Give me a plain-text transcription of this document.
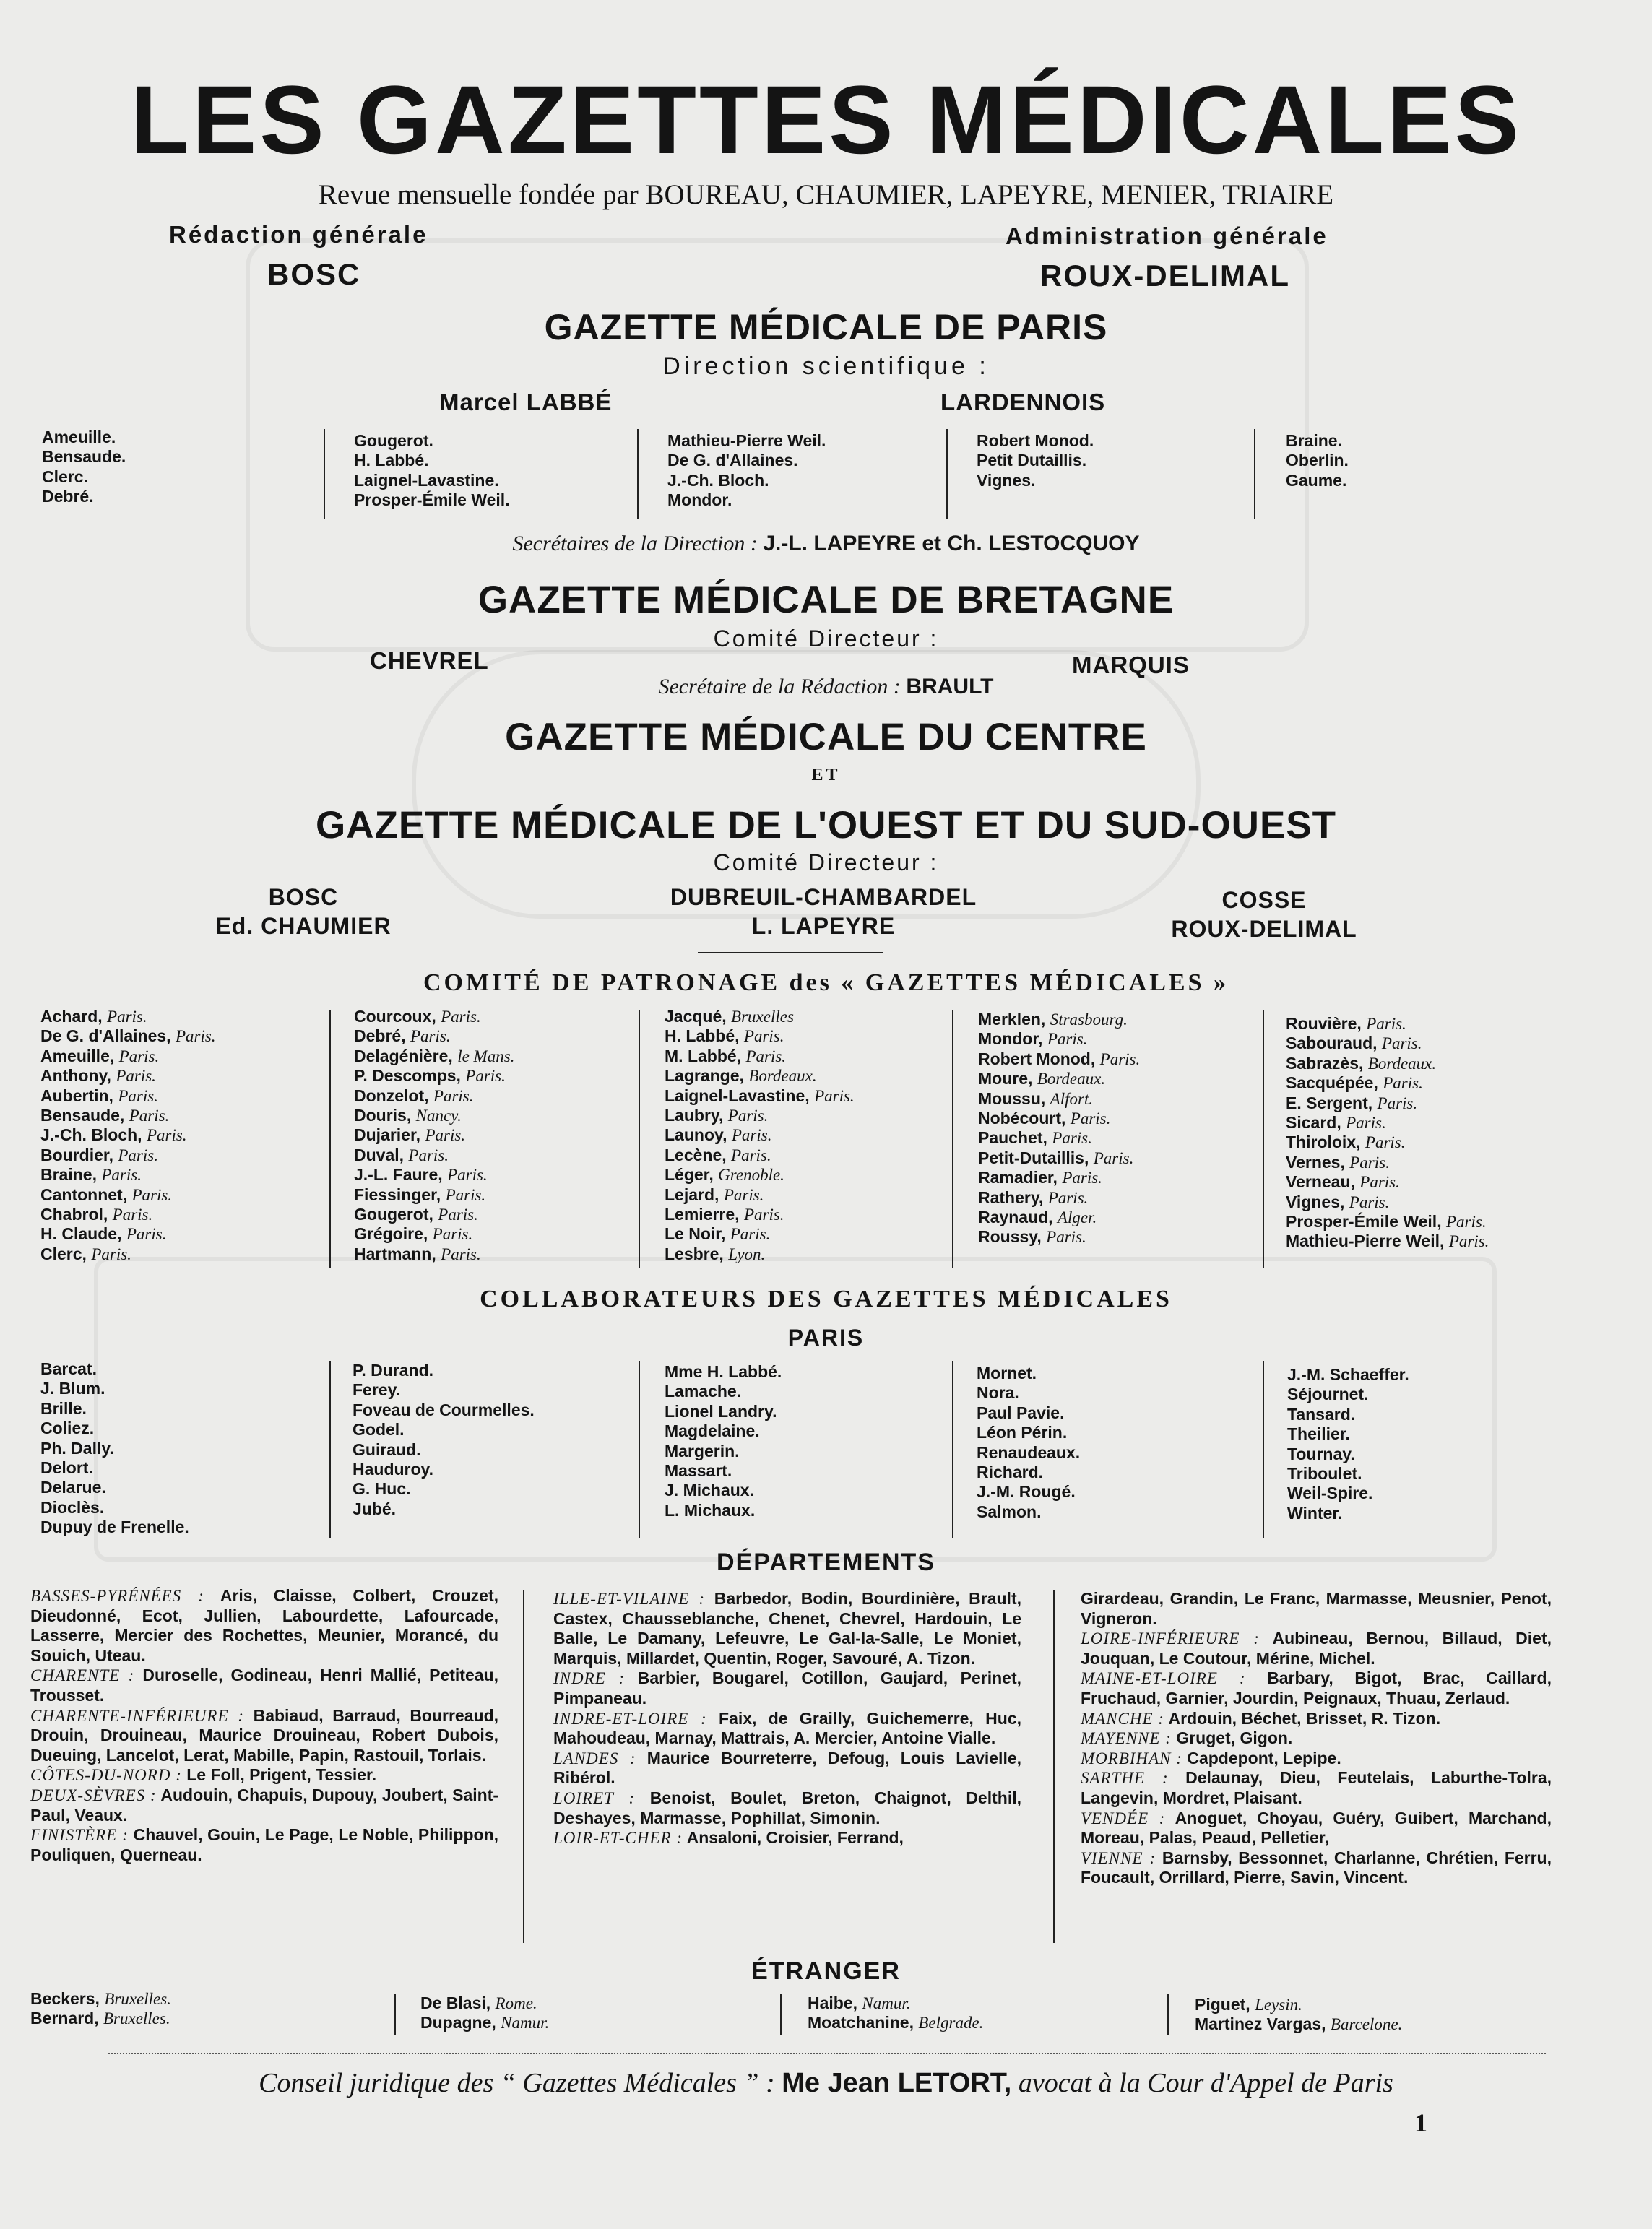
LES GAZETTES MÉDICALES
Revue mensuelle fondée par BOUREAU, CHAUMIER, LAPEYRE, MENIER, TRIAIRE
Rédaction générale
BOSC
Administration générale
ROUX-DELIMAL
GAZETTE MÉDICALE DE PARIS
Direction scientifique :
Marcel LABBÉ	LARDENNOIS
Ameuille.
Bensaude.
Clerc.
Debré.
Gougerot.
H. Labbé.
Laignel-Lavastine.
Prosper-Émile Weil.
Mathieu-Pierre Weil.
De G. d'Allaines.
J.-Ch. Bloch.
Mondor.
Robert Monod.
Petit Dutaillis.
Vignes.
Braine.
Oberlin.
Gaume.
Secrétaires de la Direction : J.-L. LAPEYRE et Ch. LESTOCQUOY
GAZETTE MÉDICALE DE BRETAGNE
Comité Directeur :
CHEVREL	MARQUIS
Secrétaire de la Rédaction : BRAULT
GAZETTE MÉDICALE DU CENTRE
ET
GAZETTE MÉDICALE DE L'OUEST ET DU SUD-OUEST
Comité Directeur :
BOSC
Ed. CHAUMIER
DUBREUIL-CHAMBARDEL
L. LAPEYRE
COSSE
ROUX-DELIMAL
COMITÉ DE PATRONAGE des « GAZETTES MÉDICALES »
Achard, Paris.
De G. d'Allaines, Paris.
Ameuille, Paris.
Anthony, Paris.
Aubertin, Paris.
Bensaude, Paris.
J.-Ch. Bloch, Paris.
Bourdier, Paris.
Braine, Paris.
Cantonnet, Paris.
Chabrol, Paris.
H. Claude, Paris.
Clerc, Paris.
Courcoux, Paris.
Debré, Paris.
Delagénière, le Mans.
P. Descomps, Paris.
Donzelot, Paris.
Douris, Nancy.
Dujarier, Paris.
Duval, Paris.
J.-L. Faure, Paris.
Fiessinger, Paris.
Gougerot, Paris.
Grégoire, Paris.
Hartmann, Paris.
Jacqué, Bruxelles
H. Labbé, Paris.
M. Labbé, Paris.
Lagrange, Bordeaux.
Laignel-Lavastine, Paris.
Laubry, Paris.
Launoy, Paris.
Lecène, Paris.
Léger, Grenoble.
Lejard, Paris.
Lemierre, Paris.
Le Noir, Paris.
Lesbre, Lyon.
Merklen, Strasbourg.
Mondor, Paris.
Robert Monod, Paris.
Moure, Bordeaux.
Moussu, Alfort.
Nobécourt, Paris.
Pauchet, Paris.
Petit-Dutaillis, Paris.
Ramadier, Paris.
Rathery, Paris.
Raynaud, Alger.
Roussy, Paris.
Rouvière, Paris.
Sabouraud, Paris.
Sabrazès, Bordeaux.
Sacquépée, Paris.
E. Sergent, Paris.
Sicard, Paris.
Thiroloix, Paris.
Vernes, Paris.
Verneau, Paris.
Vignes, Paris.
Prosper-Émile Weil, Paris.
Mathieu-Pierre Weil, Paris.
COLLABORATEURS DES GAZETTES MÉDICALES
PARIS
Barcat.
J. Blum.
Brille.
Coliez.
Ph. Dally.
Delort.
Delarue.
Dioclès.
Dupuy de Frenelle.
P. Durand.
Ferey.
Foveau de Courmelles.
Godel.
Guiraud.
Hauduroy.
G. Huc.
Jubé.
Mme H. Labbé.
Lamache.
Lionel Landry.
Magdelaine.
Margerin.
Massart.
J. Michaux.
L. Michaux.
Mornet.
Nora.
Paul Pavie.
Léon Périn.
Renaudeaux.
Richard.
J.-M. Rougé.
Salmon.
J.-M. Schaeffer.
Séjournet.
Tansard.
Theilier.
Tournay.
Triboulet.
Weil-Spire.
Winter.
DÉPARTEMENTS

BASSES-PYRÉNÉES : Aris, Claisse, Colbert, Crouzet, Dieudonné, Ecot, Jullien, Labourdette, Lafourcade, Lasserre, Mercier des Rochettes, Meunier, Morancé, du Souich, Uteau.

CHARENTE : Duroselle, Godineau, Henri Mallié, Petiteau, Trousset.

CHARENTE-INFÉRIEURE : Babiaud, Barraud, Bourreaud, Drouin, Drouineau, Maurice Drouineau, Robert Dubois, Dueuing, Lancelot, Lerat, Mabille, Papin, Rastouil, Torlais.

CÔTES-DU-NORD : Le Foll, Prigent, Tessier.

DEUX-SÈVRES : Audouin, Chapuis, Dupouy, Joubert, Saint-Paul, Veaux.

FINISTÈRE : Chauvel, Gouin, Le Page, Le Noble, Philippon, Pouliquen, Querneau.

ILLE-ET-VILAINE : Barbedor, Bodin, Bourdinière, Brault, Castex, Chausseblanche, Chenet, Chevrel, Hardouin, Le Balle, Le Damany, Lefeuvre, Le Gal-la-Salle, Le Moniet, Marquis, Millardet, Quentin, Roger, Savouré, A. Tizon.

INDRE : Barbier, Bougarel, Cotillon, Gaujard, Perinet, Pimpaneau.

INDRE-ET-LOIRE : Faix, de Grailly, Guichemerre, Huc, Mahoudeau, Marnay, Mattrais, A. Mercier, Antoine Vialle.

LANDES : Maurice Bourreterre, Defoug, Louis Lavielle, Ribérol.

LOIRET : Benoist, Boulet, Breton, Chaignot, Delthil, Deshayes, Marmasse, Pophillat, Simonin.

LOIR-ET-CHER : Ansaloni, Croisier, Ferrand,

Girardeau, Grandin, Le Franc, Marmasse, Meusnier, Penot, Vigneron.

LOIRE-INFÉRIEURE : Aubineau, Bernou, Billaud, Diet, Jouquan, Le Coutour, Mérine, Michel.

MAINE-ET-LOIRE : Barbary, Bigot, Brac, Caillard, Fruchaud, Garnier, Jourdin, Peignaux, Thuau, Zerlaud.

MANCHE : Ardouin, Béchet, Brisset, R. Tizon.

MAYENNE : Gruget, Gigon.

MORBIHAN : Capdepont, Lepipe.

SARTHE : Delaunay, Dieu, Feutelais, Laburthe-Tolra, Langevin, Mordret, Plaisant.

VENDÉE : Anoguet, Choyau, Guéry, Guibert, Marchand, Moreau, Palas, Peaud, Pelletier,

VIENNE : Barnsby, Bessonnet, Charlanne, Chrétien, Ferru, Foucault, Orrillard, Pierre, Savin, Vincent.

ÉTRANGER
Beckers, Bruxelles.
Bernard, Bruxelles.
De Blasi, Rome.
Dupagne, Namur.
Haibe, Namur.
Moatchanine, Belgrade.
Piguet, Leysin.
Martinez Vargas, Barcelone.
Conseil juridique des “ Gazettes Médicales ” : Me Jean LETORT, avocat à la Cour d'Appel de Paris
1
